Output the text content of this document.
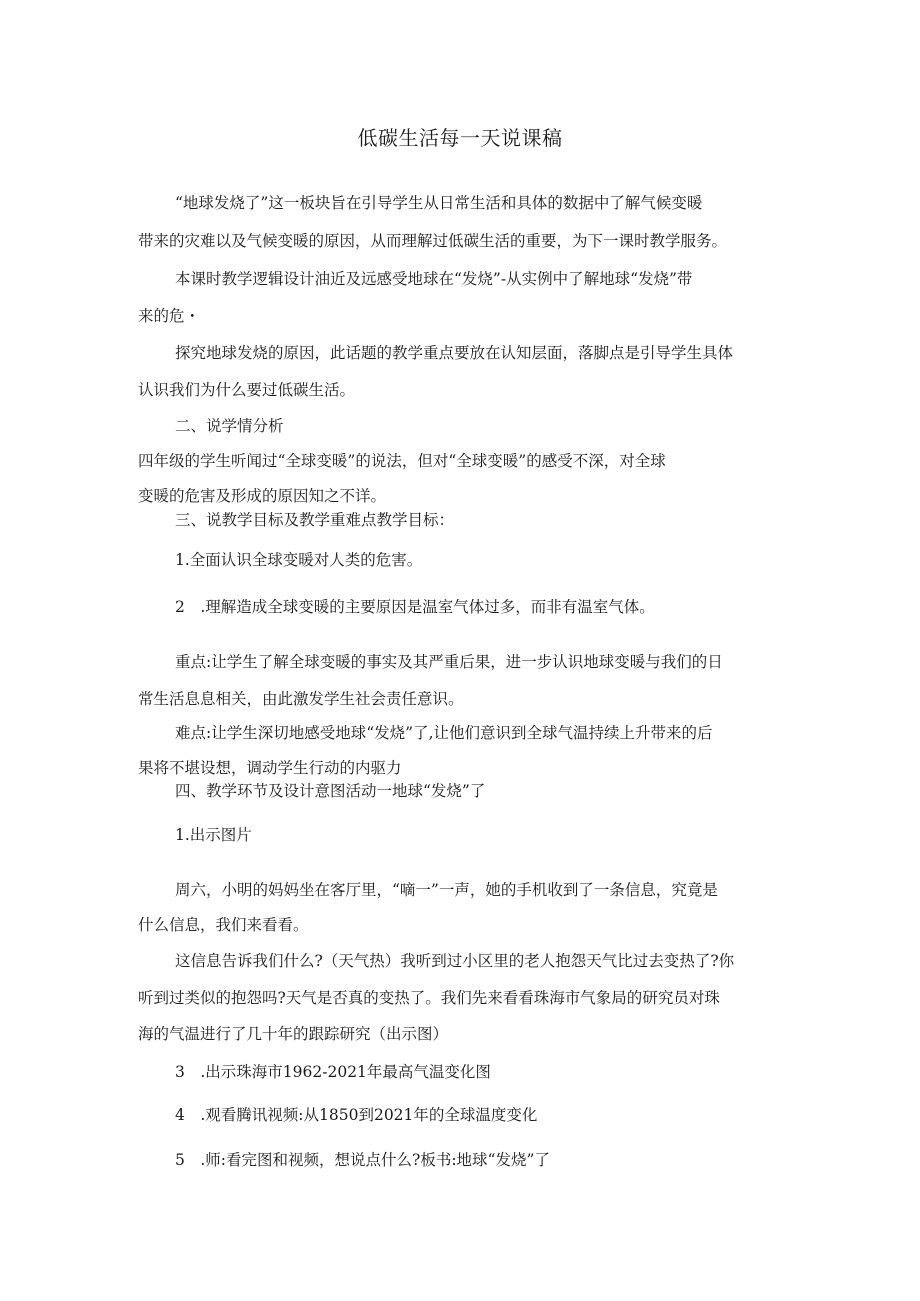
低碳生活每一天说课稿
“地球发烧了”这一板块旨在引导学生从日常生活和具体的数据中了解气候变暖
带来的灾难以及气候变暖的原因，从而理解过低碳生活的重要，为下一课时教学服务。
本课时教学逻辑设计油近及远感受地球在“发烧”-从实例中了解地球“发烧”带
来的危・
探究地球发烧的原因，此话题的教学重点要放在认知层面，落脚点是引导学生具体
认识我们为什么要过低碳生活。
二、说学情分析
四年级的学生听闻过“全球变暖”的说法，但对“全球变暖”的感受不深，对全球
变暖的危害及形成的原因知之不详。
三、说教学目标及教学重难点教学目标：
1.全面认识全球变暖对人类的危害。
2　.理解造成全球变暖的主要原因是温室气体过多，而非有温室气体。
重点:让学生了解全球变暖的事实及其严重后果，进一步认识地球变暖与我们的日
常生活息息相关，由此激发学生社会责任意识。
难点:让学生深切地感受地球“发烧”了,让他们意识到全球气温持续上升带来的后
果将不堪设想，调动学生行动的内驱力
四、教学环节及设计意图活动一地球“发烧”了
1.出示图片
周六，小明的妈妈坐在客厅里，“嘀一”一声，她的手机收到了一条信息，究竟是
什么信息，我们来看看。
这信息告诉我们什么?（天气热）我听到过小区里的老人抱怨天气比过去变热了?你
听到过类似的抱怨吗?天气是否真的变热了。我们先来看看珠海市气象局的研究员对珠
海的气温进行了几十年的跟踪研究（出示图）
3　.出示珠海市1962-2021年最高气温变化图
4　.观看腾讯视频:从1850到2021年的全球温度变化
5　.师:看完图和视频，想说点什么?板书:地球“发烧”了
